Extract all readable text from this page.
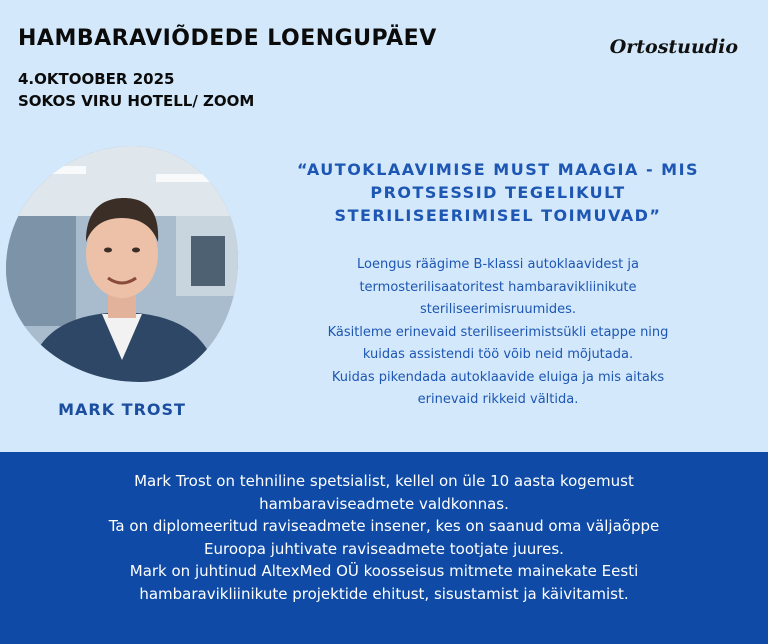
HAMBARAVIÕDEDE LOENGUPÄEV
4.OKTOOBER 2025
SOKOS VIRU HOTELL/ ZOOM
Ortostuudio
MARK TROST
“AUTOKLAAVIMISE MUST MAAGIA - MIS
PROTSESSID TEGELIKULT
STERILISEERIMISEL TOIMUVAD”
Loengus räägime B-klassi autoklaavidest ja
termosterilisaatoritest hambaravikliinikute
steriliseerimisruumides.
Käsitleme erinevaid steriliseerimistsükli etappe ning
kuidas assistendi töö võib neid mõjutada.
Kuidas pikendada autoklaavide eluiga ja mis aitaks
erinevaid rikkeid vältida.
Mark Trost on tehniline spetsialist, kellel on üle 10 aasta kogemust
hambaraviseadmete valdkonnas.
Ta on diplomeeritud raviseadmete insener, kes on saanud oma väljaõppe
Euroopa juhtivate raviseadmete tootjate juures.
Mark on juhtinud AltexMed OÜ koosseisus mitmete mainekate Eesti
hambaravikliinikute projektide ehitust, sisustamist ja käivitamist.
